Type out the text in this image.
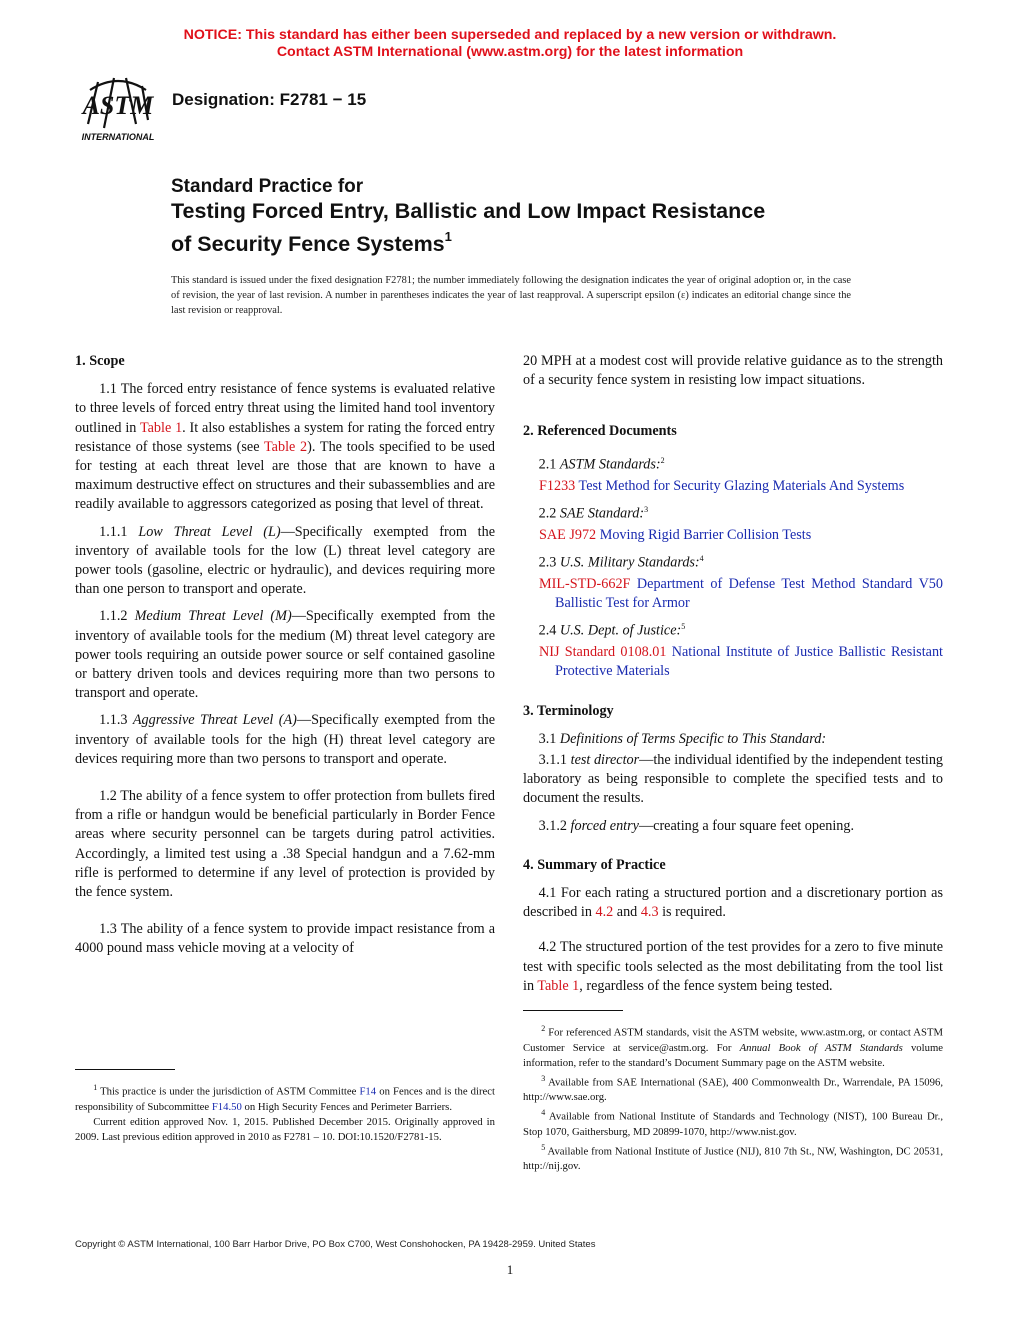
NOTICE: This standard has either been superseded and replaced by a new version or withdrawn.
Contact ASTM International (www.astm.org) for the latest information
ASTM
INTERNATIONAL
Designation: F2781 − 15
Standard Practice for
Testing Forced Entry, Ballistic and Low Impact Resistance
of Security Fence Systems$^1$
This standard is issued under the fixed designation F2781; the number immediately following the designation indicates the year of original adoption or, in the case of revision, the year of last revision. A number in parentheses indicates the year of last reapproval. A superscript epsilon (ε) indicates an editorial change since the last revision or reapproval.
1. Scope

1.1 The forced entry resistance of fence systems is evaluated relative to three levels of forced entry threat using the limited hand tool inventory outlined in Table 1. It also establishes a system for rating the forced entry resistance of those systems (see Table 2). The tools specified to be used for testing at each threat level are those that are known to have a maximum destructive effect on structures and their subassemblies and are readily available to aggressors categorized as posing that level of threat.

1.1.1 Low Threat Level (L)—Specifically exempted from the inventory of available tools for the low (L) threat level category are power tools (gasoline, electric or hydraulic), and devices requiring more than one person to transport and operate.

1.1.2 Medium Threat Level (M)—Specifically exempted from the inventory of available tools for the medium (M) threat level category are power tools requiring an outside power source or self contained gasoline or battery driven tools and devices requiring more than two persons to transport and operate.

1.1.3 Aggressive Threat Level (A)—Specifically exempted from the inventory of available tools for the high (H) threat level category are devices requiring more than two persons to transport and operate.

1.2 The ability of a fence system to offer protection from bullets fired from a rifle or handgun would be beneficial particularly in Border Fence areas where security personnel can be targets during patrol activities. Accordingly, a limited test using a .38 Special handgun and a 7.62-mm rifle is performed to determine if any level of protection is provided by the fence system.

1.3 The ability of a fence system to provide impact resistance from a 4000 pound mass vehicle moving at a velocity of

20 MPH at a modest cost will provide relative guidance as to the strength of a security fence system in resisting low impact situations.

2. Referenced Documents

2.1 ASTM Standards:$^2$

F1233 Test Method for Security Glazing Materials And Systems

2.2 SAE Standard:$^3$

SAE J972 Moving Rigid Barrier Collision Tests

2.3 U.S. Military Standards:$^4$

MIL-STD-662F Department of Defense Test Method Standard V50 Ballistic Test for Armor

2.4 U.S. Dept. of Justice:$^5$

NIJ Standard 0108.01 National Institute of Justice Ballistic Resistant Protective Materials

3. Terminology

3.1 Definitions of Terms Specific to This Standard:

3.1.1 test director—the individual identified by the independent testing laboratory as being responsible to complete the specified tests and to document the results.

3.1.2 forced entry—creating a four square feet opening.

4. Summary of Practice

4.1 For each rating a structured portion and a discretionary portion as described in 4.2 and 4.3 is required.

4.2 The structured portion of the test provides for a zero to five minute test with specific tools selected as the most debilitating from the tool list in Table 1, regardless of the fence system being tested.

$^1$ This practice is under the jurisdiction of ASTM Committee F14 on Fences and is the direct responsibility of Subcommittee F14.50 on High Security Fences and Perimeter Barriers.

Current edition approved Nov. 1, 2015. Published December 2015. Originally approved in 2009. Last previous edition approved in 2010 as F2781 – 10. DOI:10.1520/F2781-15.

$^2$ For referenced ASTM standards, visit the ASTM website, www.astm.org, or contact ASTM Customer Service at service@astm.org. For Annual Book of ASTM Standards volume information, refer to the standard’s Document Summary page on the ASTM website.

$^3$ Available from SAE International (SAE), 400 Commonwealth Dr., Warrendale, PA 15096, http://www.sae.org.

$^4$ Available from National Institute of Standards and Technology (NIST), 100 Bureau Dr., Stop 1070, Gaithersburg, MD 20899-1070, http://www.nist.gov.

$^5$ Available from National Institute of Justice (NIJ), 810 7th St., NW, Washington, DC 20531, http://nij.gov.

Copyright © ASTM International, 100 Barr Harbor Drive, PO Box C700, West Conshohocken, PA 19428-2959. United States
1
